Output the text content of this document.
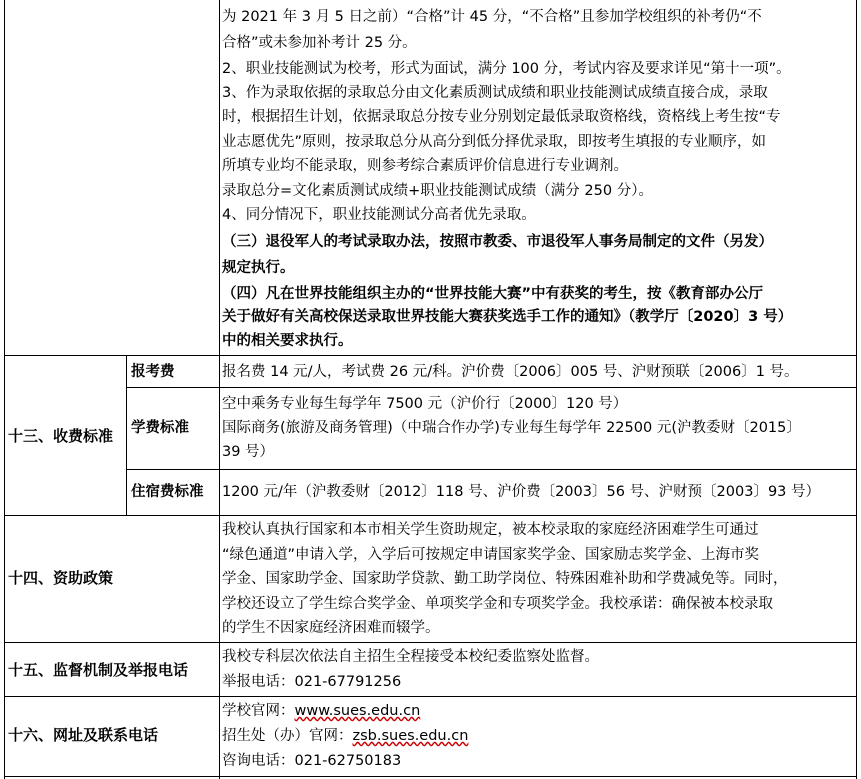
为 2021 年 3 月 5 日之前）“合格”计 45 分，“不合格”且参加学校组织的补考仍“不
合格”或未参加补考计 25 分。
2、职业技能测试为校考，形式为面试，满分 100 分，考试内容及要求详见“第十一项”。
3、作为录取依据的录取总分由文化素质测试成绩和职业技能测试成绩直接合成，录取
时，根据招生计划，依据录取总分按专业分别划定最低录取资格线，资格线上考生按“专
业志愿优先”原则，按录取总分从高分到低分择优录取，即按考生填报的专业顺序，如
所填专业均不能录取，则参考综合素质评价信息进行专业调剂。
录取总分=文化素质测试成绩+职业技能测试成绩（满分 250 分）。
4、同分情况下，职业技能测试分高者优先录取。
（三）退役军人的考试录取办法，按照市教委、市退役军人事务局制定的文件（另发）
规定执行。
（四）凡在世界技能组织主办的“世界技能大赛”中有获奖的考生，按《教育部办公厅
关于做好有关高校保送录取世界技能大赛获奖选手工作的通知》（教学厅〔2020〕3 号）
中的相关要求执行。
十三、收费标准
报考费	报名费 14 元/人，考试费 26 元/科。沪价费〔2006〕005 号、沪财预联〔2006〕1 号。
学费标准
空中乘务专业每生每学年 7500 元（沪价行〔2000〕120 号）
国际商务(旅游及商务管理)（中瑞合作办学)专业每生每学年 22500 元(沪教委财〔2015〕
39 号）
住宿费标准 1200 元/年（沪教委财〔2012〕118 号、沪价费〔2003〕56 号、沪财预〔2003〕93 号）
十四、资助政策
我校认真执行国家和本市相关学生资助规定，被本校录取的家庭经济困难学生可通过
“绿色通道”申请入学，入学后可按规定申请国家奖学金、国家励志奖学金、上海市奖
学金、国家助学金、国家助学贷款、勤工助学岗位、特殊困难补助和学费减免等。同时，
学校还设立了学生综合奖学金、单项奖学金和专项奖学金。我校承诺：确保被本校录取
的学生不因家庭经济困难而辍学。
十五、监督机制及举报电话
我校专科层次依法自主招生全程接受本校纪委监察处监督。
举报电话：021-67791256
十六、网址及联系电话
学校官网：www.sues.edu.cn
招生处（办）官网：zsb.sues.edu.cn
咨询电话：021-62750183
